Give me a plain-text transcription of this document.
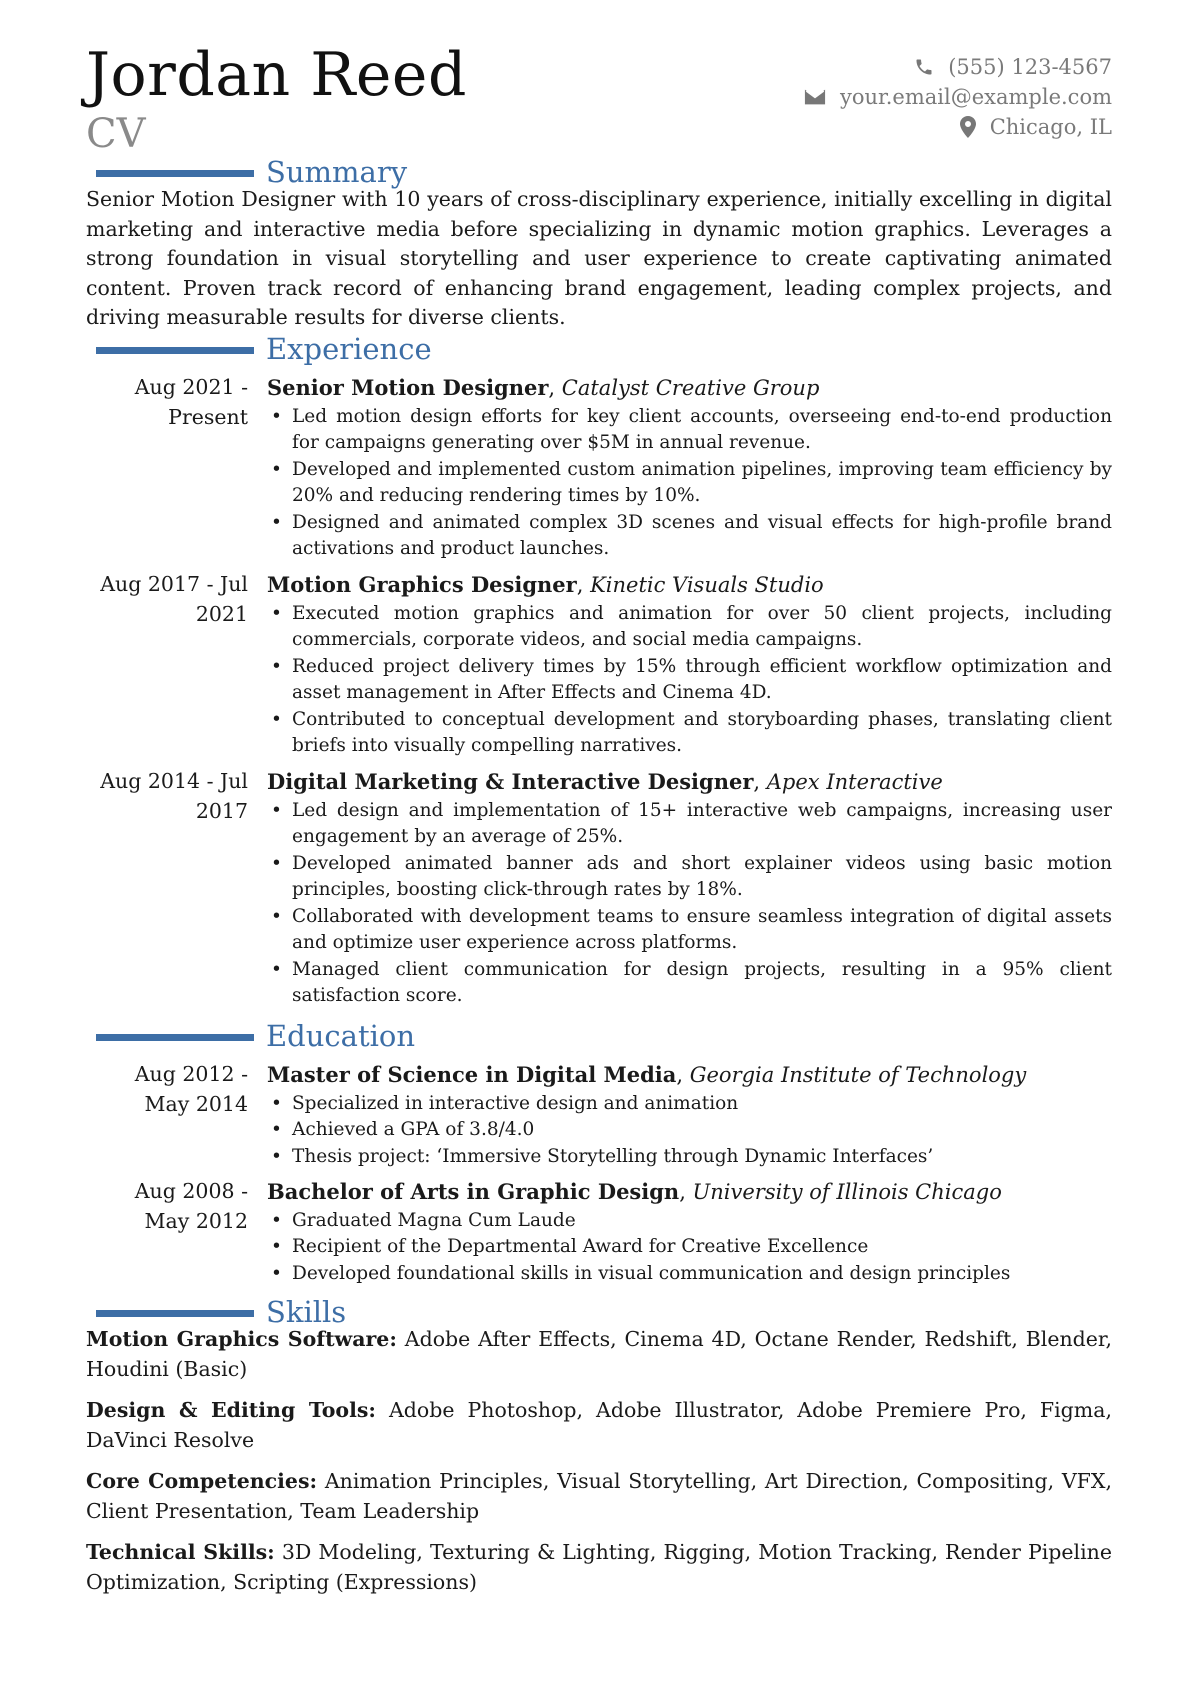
Jordan Reed
CV
(555) 123-4567
your.email@example.com
Chicago, IL
Summary
Senior Motion Designer with 10 years of cross-disciplinary experience, initially excelling in digital marketing and interactive media before specializing in dynamic motion graphics. Leverages a strong foundation in visual storytelling and user experience to create captivating animated content. Proven track record of enhancing brand engagement, leading complex projects, and driving measurable results for diverse clients.
Experience
Aug 2021 - Present
Senior Motion Designer, Catalyst Creative Group
• Led motion design efforts for key client accounts, overseeing end-to-end production for campaigns generating over $5M in annual revenue.
• Developed and implemented custom animation pipelines, improving team efficiency by 20% and reducing rendering times by 10%.
• Designed and animated complex 3D scenes and visual effects for high-profile brand activations and product launches.
Aug 2017 - Jul 2021
Motion Graphics Designer, Kinetic Visuals Studio
• Executed motion graphics and animation for over 50 client projects, including commercials, corporate videos, and social media campaigns.
• Reduced project delivery times by 15% through efficient workflow optimization and asset management in After Effects and Cinema 4D.
• Contributed to conceptual development and storyboarding phases, translating client briefs into visually compelling narratives.
Aug 2014 - Jul 2017
Digital Marketing & Interactive Designer, Apex Interactive
• Led design and implementation of 15+ interactive web campaigns, increasing user engagement by an average of 25%.
• Developed animated banner ads and short explainer videos using basic motion principles, boosting click-through rates by 18%.
• Collaborated with development teams to ensure seamless integration of digital assets and optimize user experience across platforms.
• Managed client communication for design projects, resulting in a 95% client satisfaction score.
Education
Aug 2012 - May 2014
Master of Science in Digital Media, Georgia Institute of Technology
• Specialized in interactive design and animation
• Achieved a GPA of 3.8/4.0
• Thesis project: ‘Immersive Storytelling through Dynamic Interfaces’
Aug 2008 - May 2012
Bachelor of Arts in Graphic Design, University of Illinois Chicago
• Graduated Magna Cum Laude
• Recipient of the Departmental Award for Creative Excellence
• Developed foundational skills in visual communication and design principles
Skills
Motion Graphics Software: Adobe After Effects, Cinema 4D, Octane Render, Redshift, Blender, Houdini (Basic)
Design & Editing Tools: Adobe Photoshop, Adobe Illustrator, Adobe Premiere Pro, Figma, DaVinci Resolve
Core Competencies: Animation Principles, Visual Storytelling, Art Direction, Compositing, VFX, Client Presentation, Team Leadership
Technical Skills: 3D Modeling, Texturing & Lighting, Rigging, Motion Tracking, Render Pipeline Optimization, Scripting (Expressions)
